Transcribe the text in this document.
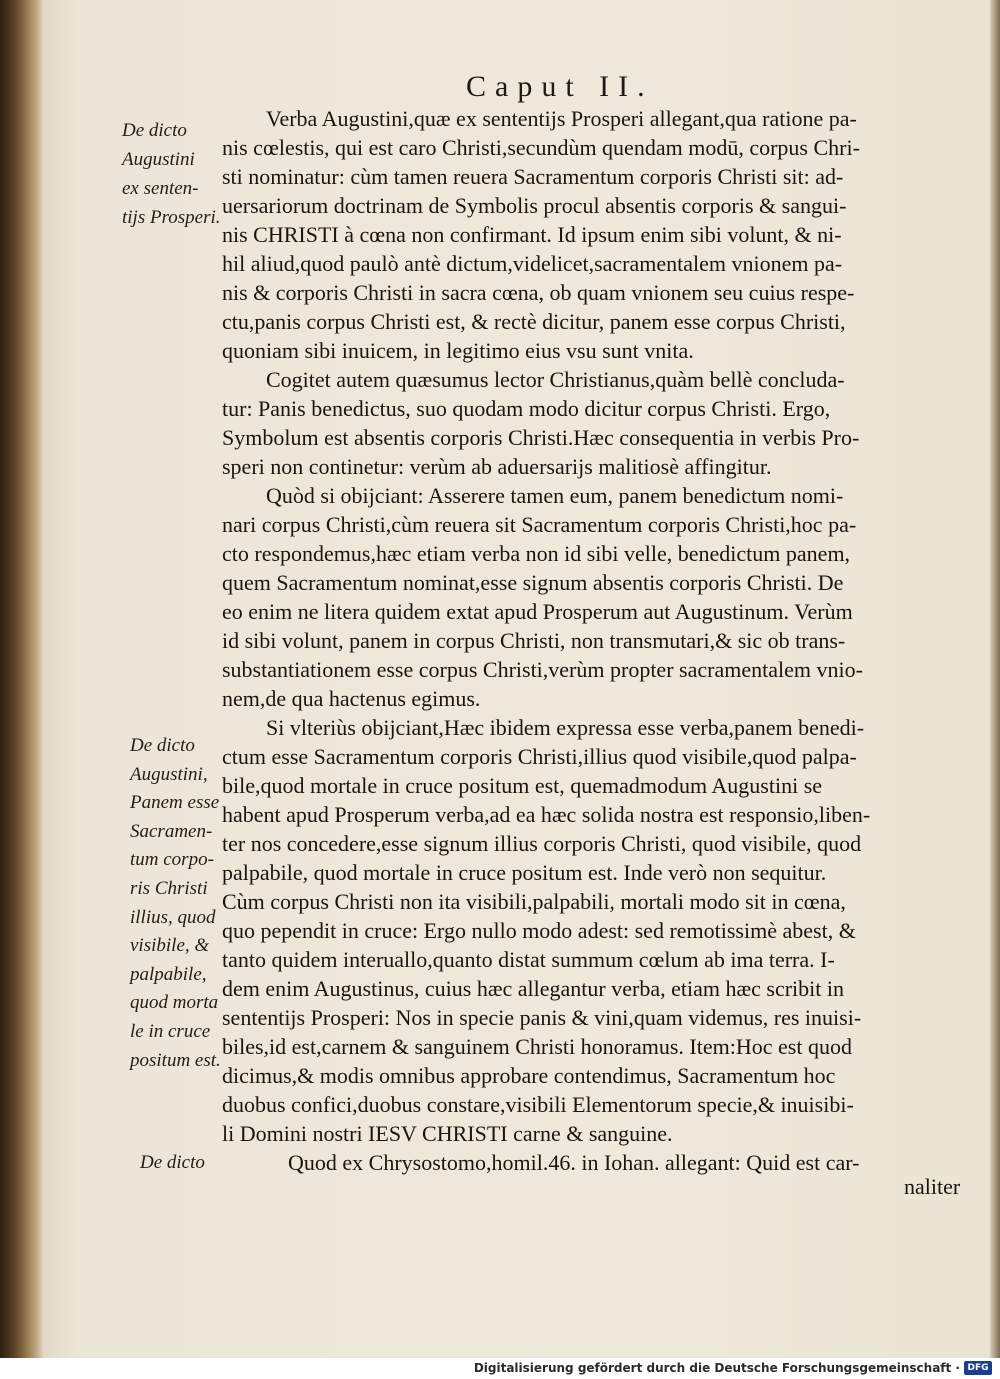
Caput II.
De dicto
Augustini
ex senten-
tijs Prosperi.
De dicto
Augustini,
Panem esse
Sacramen-
tum corpo-
ris Christi
illius, quod
visibile, &
palpabile,
quod morta
le in cruce
positum est.
De dicto

Verba Augustini,quæ ex sententijs Prosperi allegant,qua ratione pa-
nis cœlestis, qui est caro Christi,secundùm quendam modū, corpus Chri-
sti nominatur: cùm tamen reuera Sacramentum corporis Christi sit: ad-
uersariorum doctrinam de Symbolis procul absentis corporis & sangui-
nis CHRISTI à cœna non confirmant. Id ipsum enim sibi volunt, & ni-
hil aliud,quod paulò antè dictum,videlicet,sacramentalem vnionem pa-
nis & corporis Christi in sacra cœna, ob quam vnionem seu cuius respe-
ctu,panis corpus Christi est, & rectè dicitur, panem esse corpus Christi,
quoniam sibi inuicem, in legitimo eius vsu sunt vnita.

Cogitet autem quæsumus lector Christianus,quàm bellè concluda-
tur: Panis benedictus, suo quodam modo dicitur corpus Christi. Ergo,
Symbolum est absentis corporis Christi.Hæc consequentia in verbis Pro-
speri non continetur: verùm ab aduersarijs malitiosè affingitur.

Quòd si obijciant: Asserere tamen eum, panem benedictum nomi-
nari corpus Christi,cùm reuera sit Sacramentum corporis Christi,hoc pa-
cto respondemus,hæc etiam verba non id sibi velle, benedictum panem,
quem Sacramentum nominat,esse signum absentis corporis Christi. De
eo enim ne litera quidem extat apud Prosperum aut Augustinum. Verùm
id sibi volunt, panem in corpus Christi, non transmutari,& sic ob trans-
substantiationem esse corpus Christi,verùm propter sacramentalem vnio-
nem,de qua hactenus egimus.

Si vlteriùs obijciant,Hæc ibidem expressa esse verba,panem benedi-
ctum esse Sacramentum corporis Christi,illius quod visibile,quod palpa-
bile,quod mortale in cruce positum est, quemadmodum Augustini se
habent apud Prosperum verba,ad ea hæc solida nostra est responsio,liben-
ter nos concedere,esse signum illius corporis Christi, quod visibile, quod
palpabile, quod mortale in cruce positum est. Inde verò non sequitur.
Cùm corpus Christi non ita visibili,palpabili, mortali modo sit in cœna,
quo pependit in cruce: Ergo nullo modo adest: sed remotissimè abest, &
tanto quidem interuallo,quanto distat summum cœlum ab ima terra. I-
dem enim Augustinus, cuius hæc allegantur verba, etiam hæc scribit in
sententijs Prosperi: Nos in specie panis & vini,quam videmus, res inuisi-
biles,id est,carnem & sanguinem Christi honoramus. Item:Hoc est quod
dicimus,& modis omnibus approbare contendimus, Sacramentum hoc
duobus confici,duobus constare,visibili Elementorum specie,& inuisibi-
li Domini nostri IESV CHRISTI carne & sanguine.

Quod ex Chrysostomo,homil.46. in Iohan. allegant: Quid est car-

naliter
Digitalisierung gefördert durch die Deutsche Forschungsgemeinschaft · DFG
